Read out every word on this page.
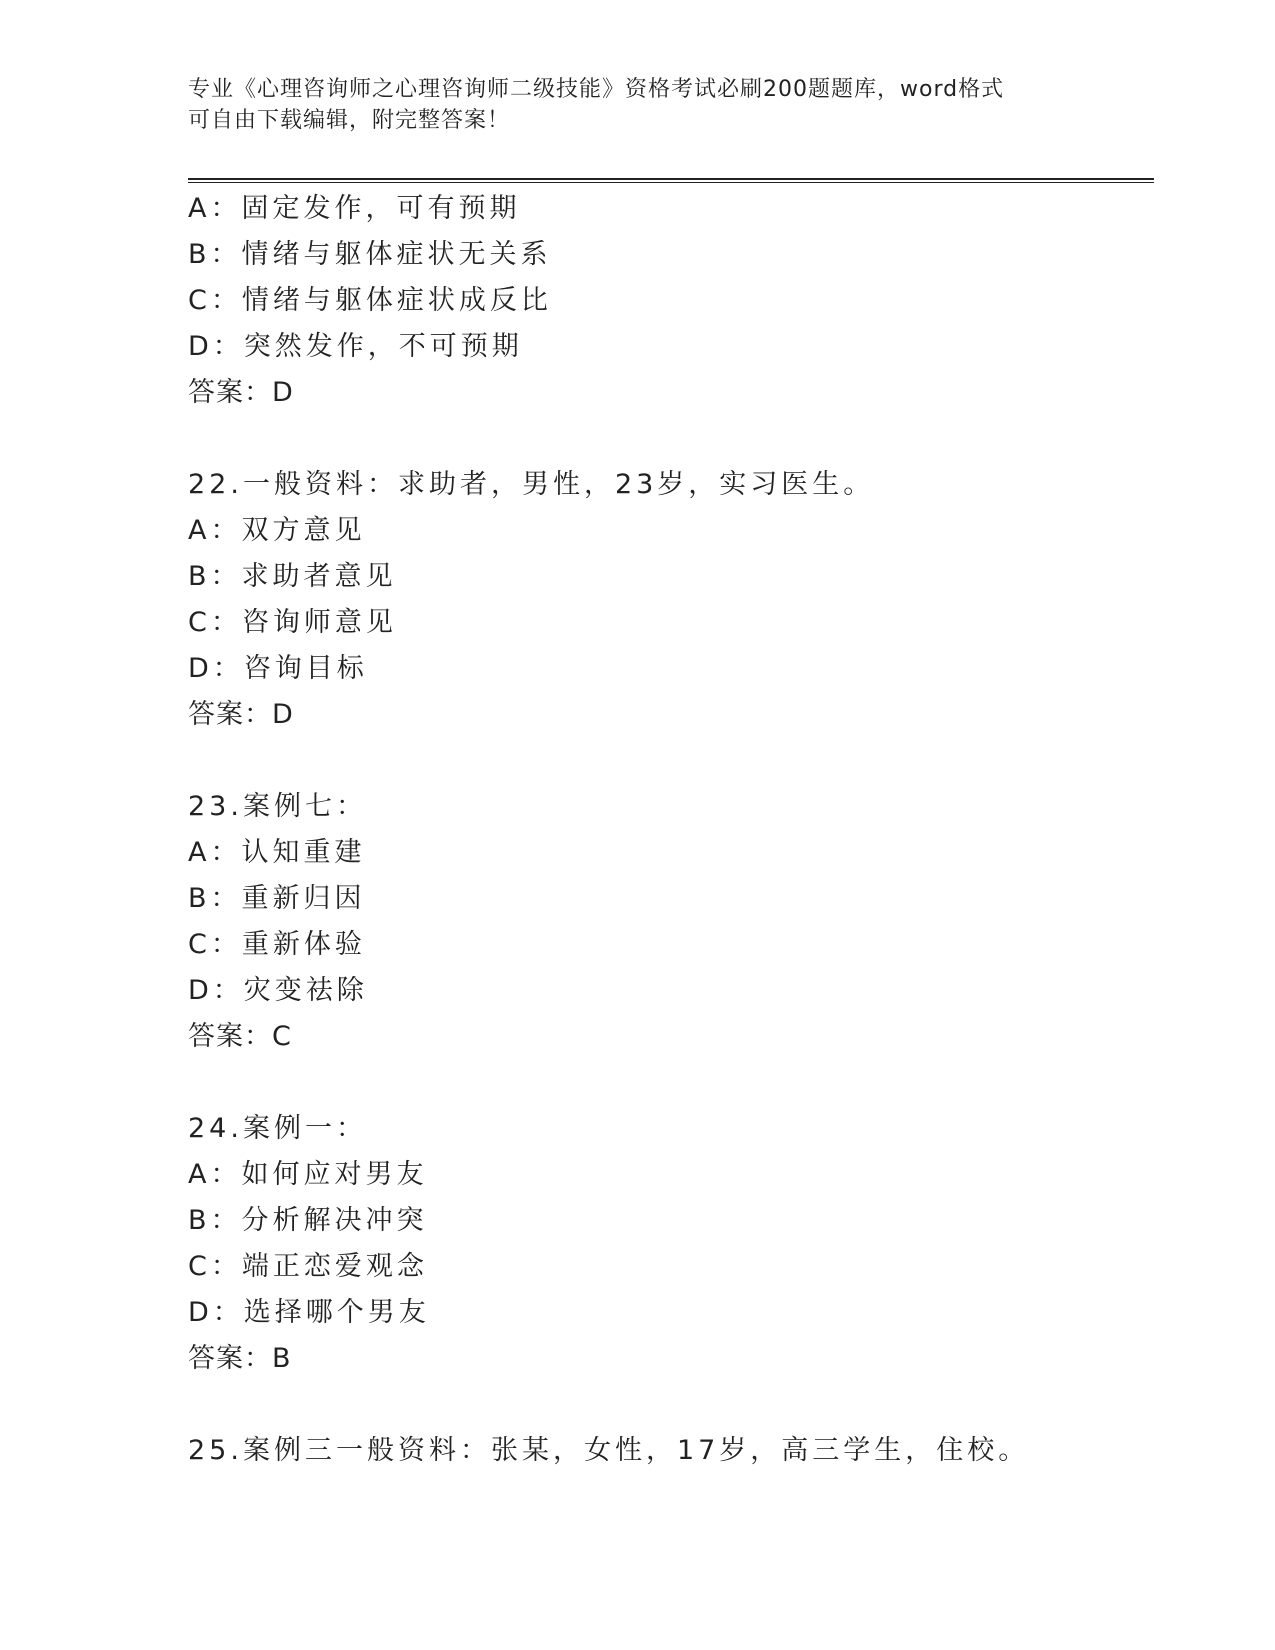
专业《心理咨询师之心理咨询师二级技能》资格考试必刷200题题库，word格式
可自由下载编辑，附完整答案！
A：固定发作，可有预期
B：情绪与躯体症状无关系
C：情绪与躯体症状成反比
D：突然发作，不可预期
答案：D
22.一般资料：求助者，男性，23岁，实习医生。
A：双方意见
B：求助者意见
C：咨询师意见
D：咨询目标
答案：D
23.案例七：
A：认知重建
B：重新归因
C：重新体验
D：灾变祛除
答案：C
24.案例一：
A：如何应对男友
B：分析解决冲突
C：端正恋爱观念
D：选择哪个男友
答案：B
25.案例三一般资料：张某，女性，17岁，高三学生，住校。
